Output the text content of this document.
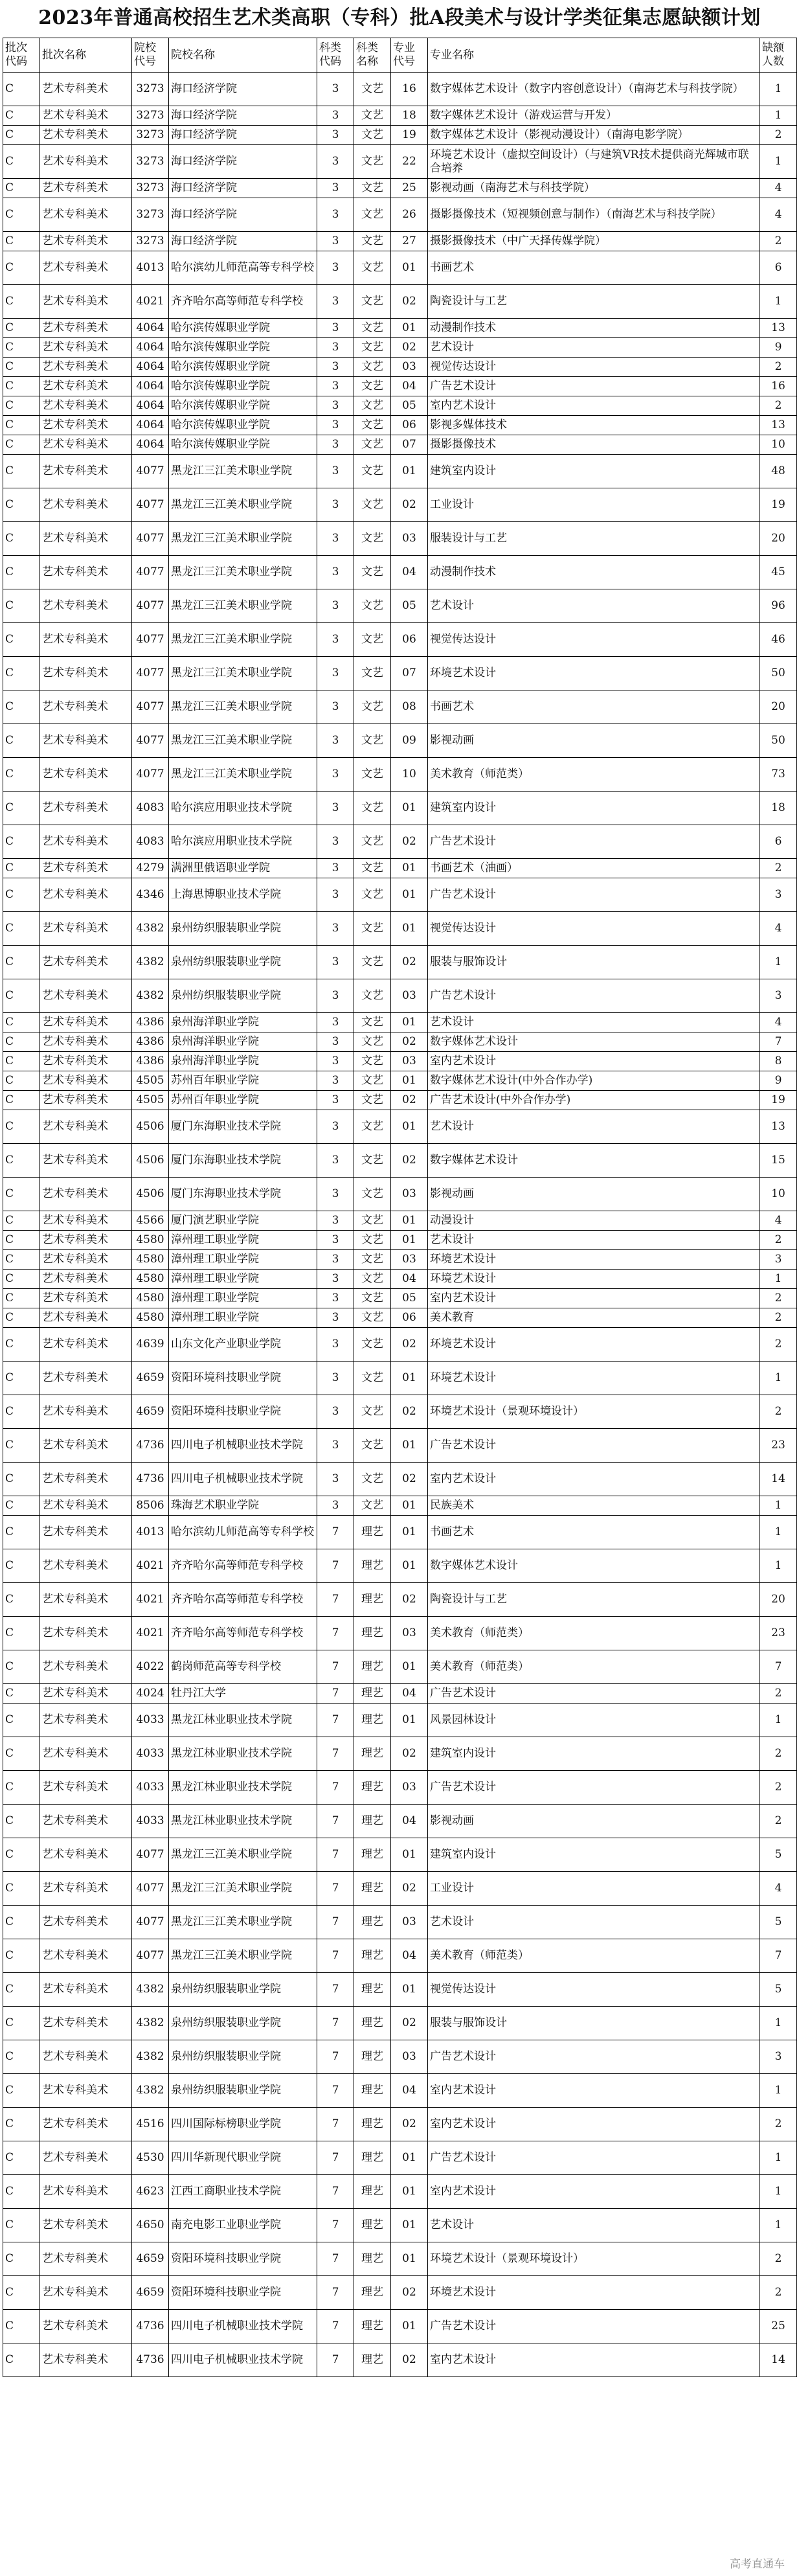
2023年普通高校招生艺术类高职（专科）批A段美术与设计学类征集志愿缺额计划
批次代码	批次名称	院校代号	院校名称	科类代码	科类名称	专业代号	专业名称	缺额人数
C	艺术专科美术	3273	海口经济学院	3	文艺	16	数字媒体艺术设计（数字内容创意设计）（南海艺术与科技学院）	1
C	艺术专科美术	3273	海口经济学院	3	文艺	18	数字媒体艺术设计（游戏运营与开发）	1
C	艺术专科美术	3273	海口经济学院	3	文艺	19	数字媒体艺术设计（影视动漫设计）（南海电影学院）	2
C	艺术专科美术	3273	海口经济学院	3	文艺	22	环境艺术设计（虚拟空间设计）（与建筑VR技术提供商光辉城市联合培养	1
C	艺术专科美术	3273	海口经济学院	3	文艺	25	影视动画（南海艺术与科技学院）	4
C	艺术专科美术	3273	海口经济学院	3	文艺	26	摄影摄像技术（短视频创意与制作）（南海艺术与科技学院）	4
C	艺术专科美术	3273	海口经济学院	3	文艺	27	摄影摄像技术（中广天择传媒学院）	2
C	艺术专科美术	4013	哈尔滨幼儿师范高等专科学校	3	文艺	01	书画艺术	6
C	艺术专科美术	4021	齐齐哈尔高等师范专科学校	3	文艺	02	陶瓷设计与工艺	1
C	艺术专科美术	4064	哈尔滨传媒职业学院	3	文艺	01	动漫制作技术	13
C	艺术专科美术	4064	哈尔滨传媒职业学院	3	文艺	02	艺术设计	9
C	艺术专科美术	4064	哈尔滨传媒职业学院	3	文艺	03	视觉传达设计	2
C	艺术专科美术	4064	哈尔滨传媒职业学院	3	文艺	04	广告艺术设计	16
C	艺术专科美术	4064	哈尔滨传媒职业学院	3	文艺	05	室内艺术设计	2
C	艺术专科美术	4064	哈尔滨传媒职业学院	3	文艺	06	影视多媒体技术	13
C	艺术专科美术	4064	哈尔滨传媒职业学院	3	文艺	07	摄影摄像技术	10
C	艺术专科美术	4077	黑龙江三江美术职业学院	3	文艺	01	建筑室内设计	48
C	艺术专科美术	4077	黑龙江三江美术职业学院	3	文艺	02	工业设计	19
C	艺术专科美术	4077	黑龙江三江美术职业学院	3	文艺	03	服装设计与工艺	20
C	艺术专科美术	4077	黑龙江三江美术职业学院	3	文艺	04	动漫制作技术	45
C	艺术专科美术	4077	黑龙江三江美术职业学院	3	文艺	05	艺术设计	96
C	艺术专科美术	4077	黑龙江三江美术职业学院	3	文艺	06	视觉传达设计	46
C	艺术专科美术	4077	黑龙江三江美术职业学院	3	文艺	07	环境艺术设计	50
C	艺术专科美术	4077	黑龙江三江美术职业学院	3	文艺	08	书画艺术	20
C	艺术专科美术	4077	黑龙江三江美术职业学院	3	文艺	09	影视动画	50
C	艺术专科美术	4077	黑龙江三江美术职业学院	3	文艺	10	美术教育（师范类）	73
C	艺术专科美术	4083	哈尔滨应用职业技术学院	3	文艺	01	建筑室内设计	18
C	艺术专科美术	4083	哈尔滨应用职业技术学院	3	文艺	02	广告艺术设计	6
C	艺术专科美术	4279	满洲里俄语职业学院	3	文艺	01	书画艺术（油画）	2
C	艺术专科美术	4346	上海思博职业技术学院	3	文艺	01	广告艺术设计	3
C	艺术专科美术	4382	泉州纺织服装职业学院	3	文艺	01	视觉传达设计	4
C	艺术专科美术	4382	泉州纺织服装职业学院	3	文艺	02	服装与服饰设计	1
C	艺术专科美术	4382	泉州纺织服装职业学院	3	文艺	03	广告艺术设计	3
C	艺术专科美术	4386	泉州海洋职业学院	3	文艺	01	艺术设计	4
C	艺术专科美术	4386	泉州海洋职业学院	3	文艺	02	数字媒体艺术设计	7
C	艺术专科美术	4386	泉州海洋职业学院	3	文艺	03	室内艺术设计	8
C	艺术专科美术	4505	苏州百年职业学院	3	文艺	01	数字媒体艺术设计(中外合作办学)	9
C	艺术专科美术	4505	苏州百年职业学院	3	文艺	02	广告艺术设计(中外合作办学)	19
C	艺术专科美术	4506	厦门东海职业技术学院	3	文艺	01	艺术设计	13
C	艺术专科美术	4506	厦门东海职业技术学院	3	文艺	02	数字媒体艺术设计	15
C	艺术专科美术	4506	厦门东海职业技术学院	3	文艺	03	影视动画	10
C	艺术专科美术	4566	厦门演艺职业学院	3	文艺	01	动漫设计	4
C	艺术专科美术	4580	漳州理工职业学院	3	文艺	01	艺术设计	2
C	艺术专科美术	4580	漳州理工职业学院	3	文艺	03	环境艺术设计	3
C	艺术专科美术	4580	漳州理工职业学院	3	文艺	04	环境艺术设计	1
C	艺术专科美术	4580	漳州理工职业学院	3	文艺	05	室内艺术设计	2
C	艺术专科美术	4580	漳州理工职业学院	3	文艺	06	美术教育	2
C	艺术专科美术	4639	山东文化产业职业学院	3	文艺	02	环境艺术设计	2
C	艺术专科美术	4659	资阳环境科技职业学院	3	文艺	01	环境艺术设计	1
C	艺术专科美术	4659	资阳环境科技职业学院	3	文艺	02	环境艺术设计（景观环境设计）	2
C	艺术专科美术	4736	四川电子机械职业技术学院	3	文艺	01	广告艺术设计	23
C	艺术专科美术	4736	四川电子机械职业技术学院	3	文艺	02	室内艺术设计	14
C	艺术专科美术	8506	珠海艺术职业学院	3	文艺	01	民族美术	1
C	艺术专科美术	4013	哈尔滨幼儿师范高等专科学校	7	理艺	01	书画艺术	1
C	艺术专科美术	4021	齐齐哈尔高等师范专科学校	7	理艺	01	数字媒体艺术设计	1
C	艺术专科美术	4021	齐齐哈尔高等师范专科学校	7	理艺	02	陶瓷设计与工艺	20
C	艺术专科美术	4021	齐齐哈尔高等师范专科学校	7	理艺	03	美术教育（师范类）	23
C	艺术专科美术	4022	鹤岗师范高等专科学校	7	理艺	01	美术教育（师范类）	7
C	艺术专科美术	4024	牡丹江大学	7	理艺	04	广告艺术设计	2
C	艺术专科美术	4033	黑龙江林业职业技术学院	7	理艺	01	风景园林设计	1
C	艺术专科美术	4033	黑龙江林业职业技术学院	7	理艺	02	建筑室内设计	2
C	艺术专科美术	4033	黑龙江林业职业技术学院	7	理艺	03	广告艺术设计	2
C	艺术专科美术	4033	黑龙江林业职业技术学院	7	理艺	04	影视动画	2
C	艺术专科美术	4077	黑龙江三江美术职业学院	7	理艺	01	建筑室内设计	5
C	艺术专科美术	4077	黑龙江三江美术职业学院	7	理艺	02	工业设计	4
C	艺术专科美术	4077	黑龙江三江美术职业学院	7	理艺	03	艺术设计	5
C	艺术专科美术	4077	黑龙江三江美术职业学院	7	理艺	04	美术教育（师范类）	7
C	艺术专科美术	4382	泉州纺织服装职业学院	7	理艺	01	视觉传达设计	5
C	艺术专科美术	4382	泉州纺织服装职业学院	7	理艺	02	服装与服饰设计	1
C	艺术专科美术	4382	泉州纺织服装职业学院	7	理艺	03	广告艺术设计	3
C	艺术专科美术	4382	泉州纺织服装职业学院	7	理艺	04	室内艺术设计	1
C	艺术专科美术	4516	四川国际标榜职业学院	7	理艺	02	室内艺术设计	2
C	艺术专科美术	4530	四川华新现代职业学院	7	理艺	01	广告艺术设计	1
C	艺术专科美术	4623	江西工商职业技术学院	7	理艺	01	室内艺术设计	1
C	艺术专科美术	4650	南充电影工业职业学院	7	理艺	01	艺术设计	1
C	艺术专科美术	4659	资阳环境科技职业学院	7	理艺	01	环境艺术设计（景观环境设计）	2
C	艺术专科美术	4659	资阳环境科技职业学院	7	理艺	02	环境艺术设计	2
C	艺术专科美术	4736	四川电子机械职业技术学院	7	理艺	01	广告艺术设计	25
C	艺术专科美术	4736	四川电子机械职业技术学院	7	理艺	02	室内艺术设计	14
高考直通车
